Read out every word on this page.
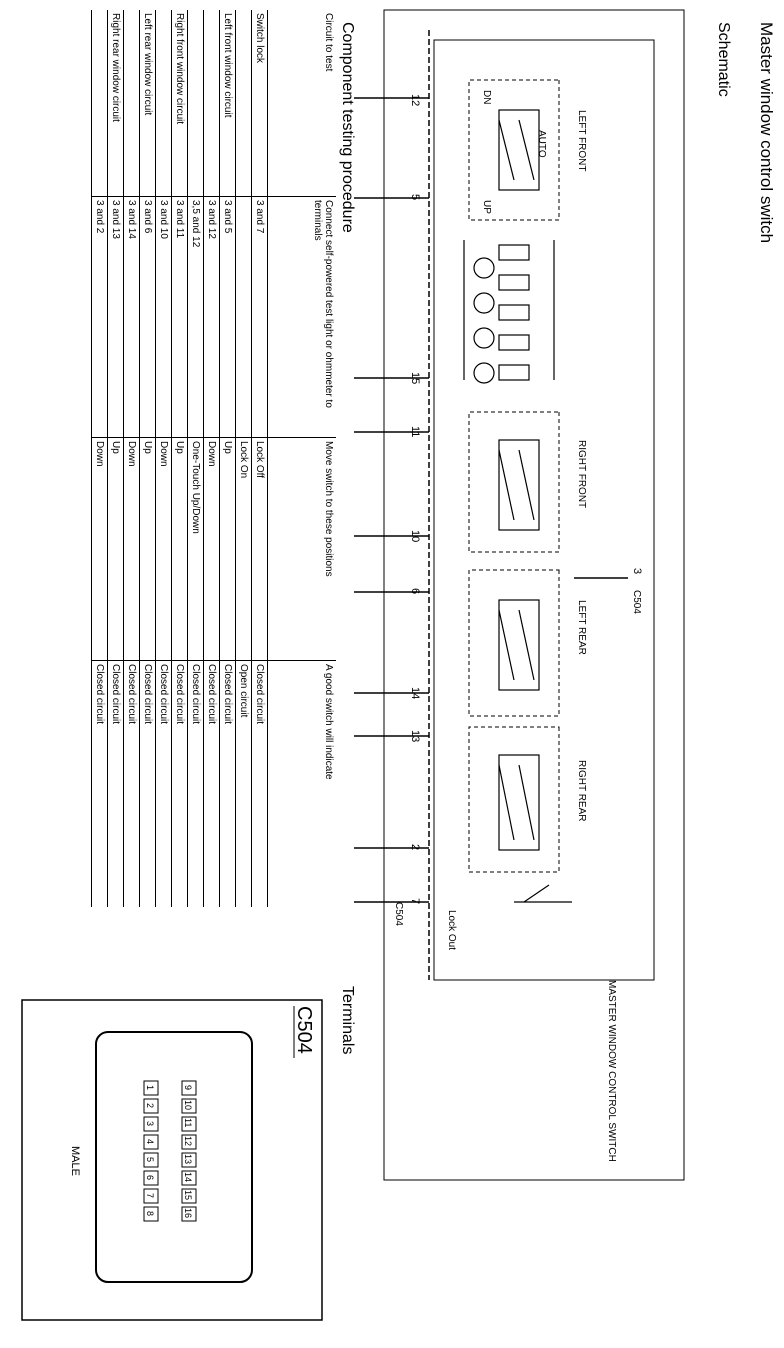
Master window control switch
Schematic
12
5
15
11
10
6
14
13
2
7
3
LEFT FRONT
AUTO
RIGHT FRONT
LEFT REAR
RIGHT REAR
C504
C504	Lock Out
MASTER WINDOW CONTROL SWITCH
DN
UP
Component testing procedure
Circuit to test	Connect self-powered test light or ohmmeter to terminals	Move switch to these positions	A good switch will indicate
Switch lock	3 and 7	Lock Off	Closed circuit
		Lock On	Open circuit
Left front window circuit	3 and 5	Up	Closed circuit
	3 and 12	Down	Closed circuit
	3,5 and 12	One-Touch Up/Down	Closed circuit
Right front window circuit	3 and 11	Up	Closed circuit
	3 and 10	Down	Closed circuit
Left rear window circuit	3 and 6	Up	Closed circuit
	3 and 14	Down	Closed circuit
Right rear window circuit	3 and 13	Up	Closed circuit
	3 and 2	Down	Closed circuit
Terminals
C504
MALE
1
2
3
4
5
6
7
8
9
10
11
12
13
14
15
16
